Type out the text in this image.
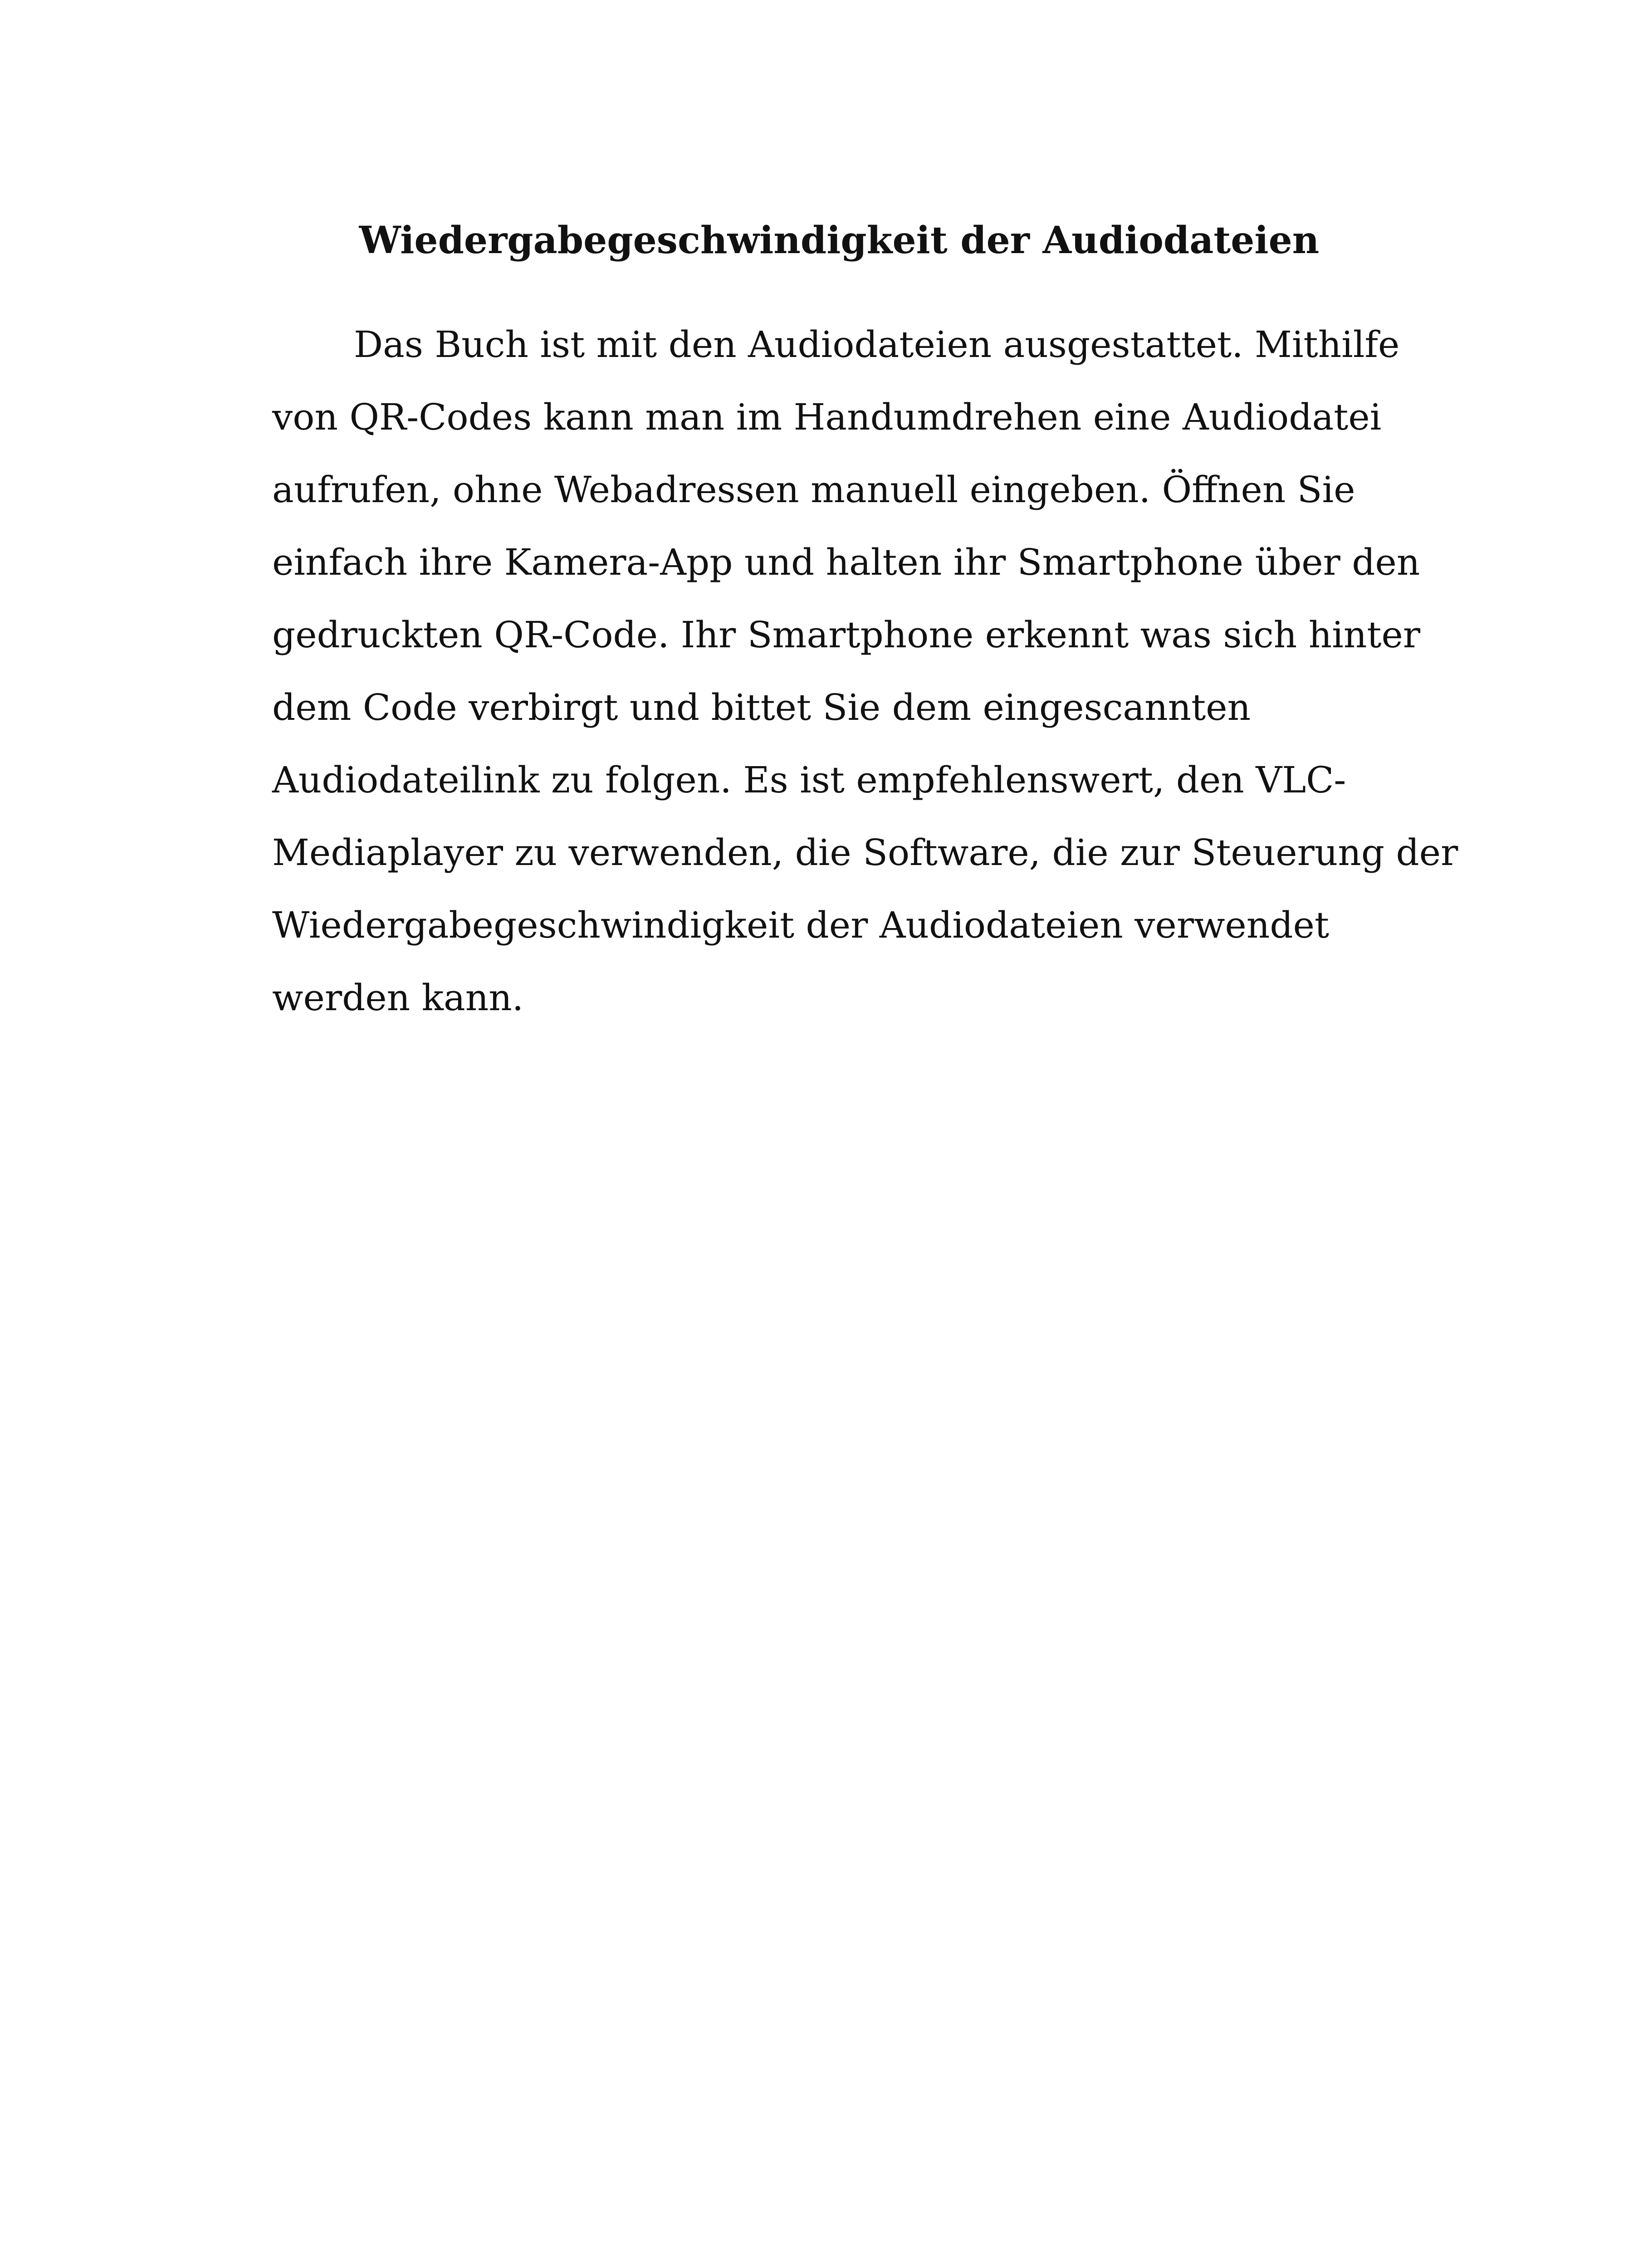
Wiedergabegeschwindigkeit der Audiodateien
Das Buch ist mit den Audiodateien ausgestattet. Mithilfe
von QR-Codes kann man im Handumdrehen eine Audiodatei
aufrufen, ohne Webadressen manuell eingeben. Öffnen Sie
einfach ihre Kamera-App und halten ihr Smartphone über den
gedruckten QR-Code. Ihr Smartphone erkennt was sich hinter
dem Code verbirgt und bittet Sie dem eingescannten
Audiodateilink zu folgen. Es ist empfehlenswert, den VLC-
Mediaplayer zu verwenden, die Software, die zur Steuerung der
Wiedergabegeschwindigkeit der Audiodateien verwendet
werden kann.
